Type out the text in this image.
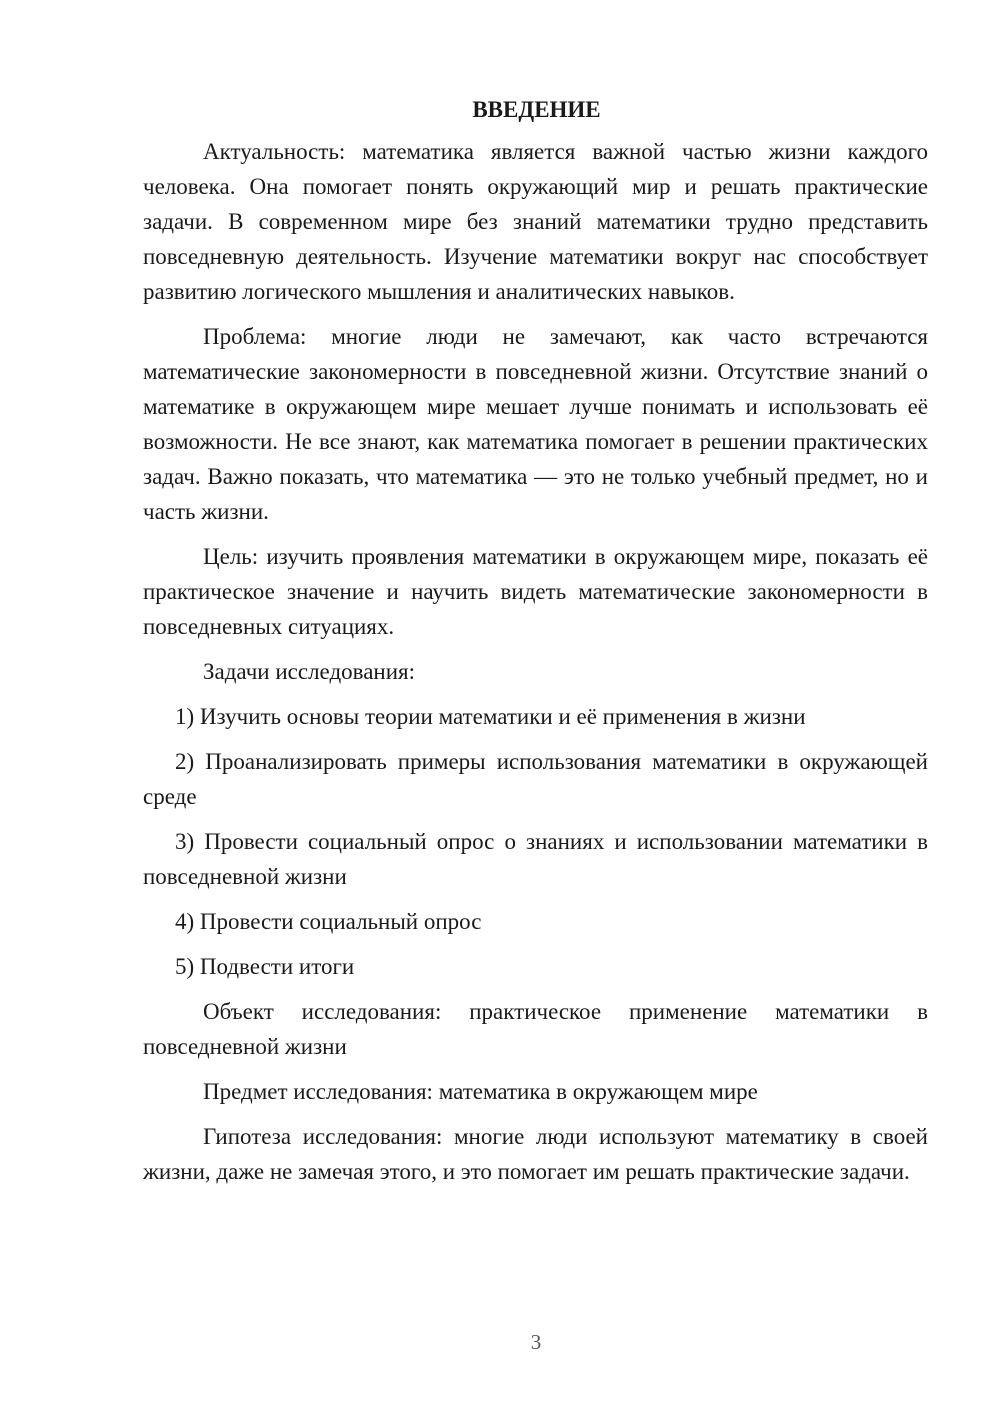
ВВЕДЕНИЕ

Актуальность: математика является важной частью жизни каждого человека. Она помогает понять окружающий мир и решать практические задачи. В современном мире без знаний математики трудно представить повседневную деятельность. Изучение математики вокруг нас способствует развитию логического мышления и аналитических навыков.

Проблема: многие люди не замечают, как часто встречаются математические закономерности в повседневной жизни. Отсутствие знаний о математике в окружающем мире мешает лучше понимать и использовать её возможности. Не все знают, как математика помогает в решении практических задач. Важно показать, что математика — это не только учебный предмет, но и часть жизни.

Цель: изучить проявления математики в окружающем мире, показать её практическое значение и научить видеть математические закономерности в повседневных ситуациях.

Задачи исследования:

1) Изучить основы теории математики и её применения в жизни

2) Проанализировать примеры использования математики в окружающей среде

3) Провести социальный опрос о знаниях и использовании математики в повседневной жизни

4) Провести социальный опрос

5) Подвести итоги

Объект исследования: практическое применение математики в повседневной жизни

Предмет исследования: математика в окружающем мире

Гипотеза исследования: многие люди используют математику в своей жизни, даже не замечая этого, и это помогает им решать практические задачи.

3
